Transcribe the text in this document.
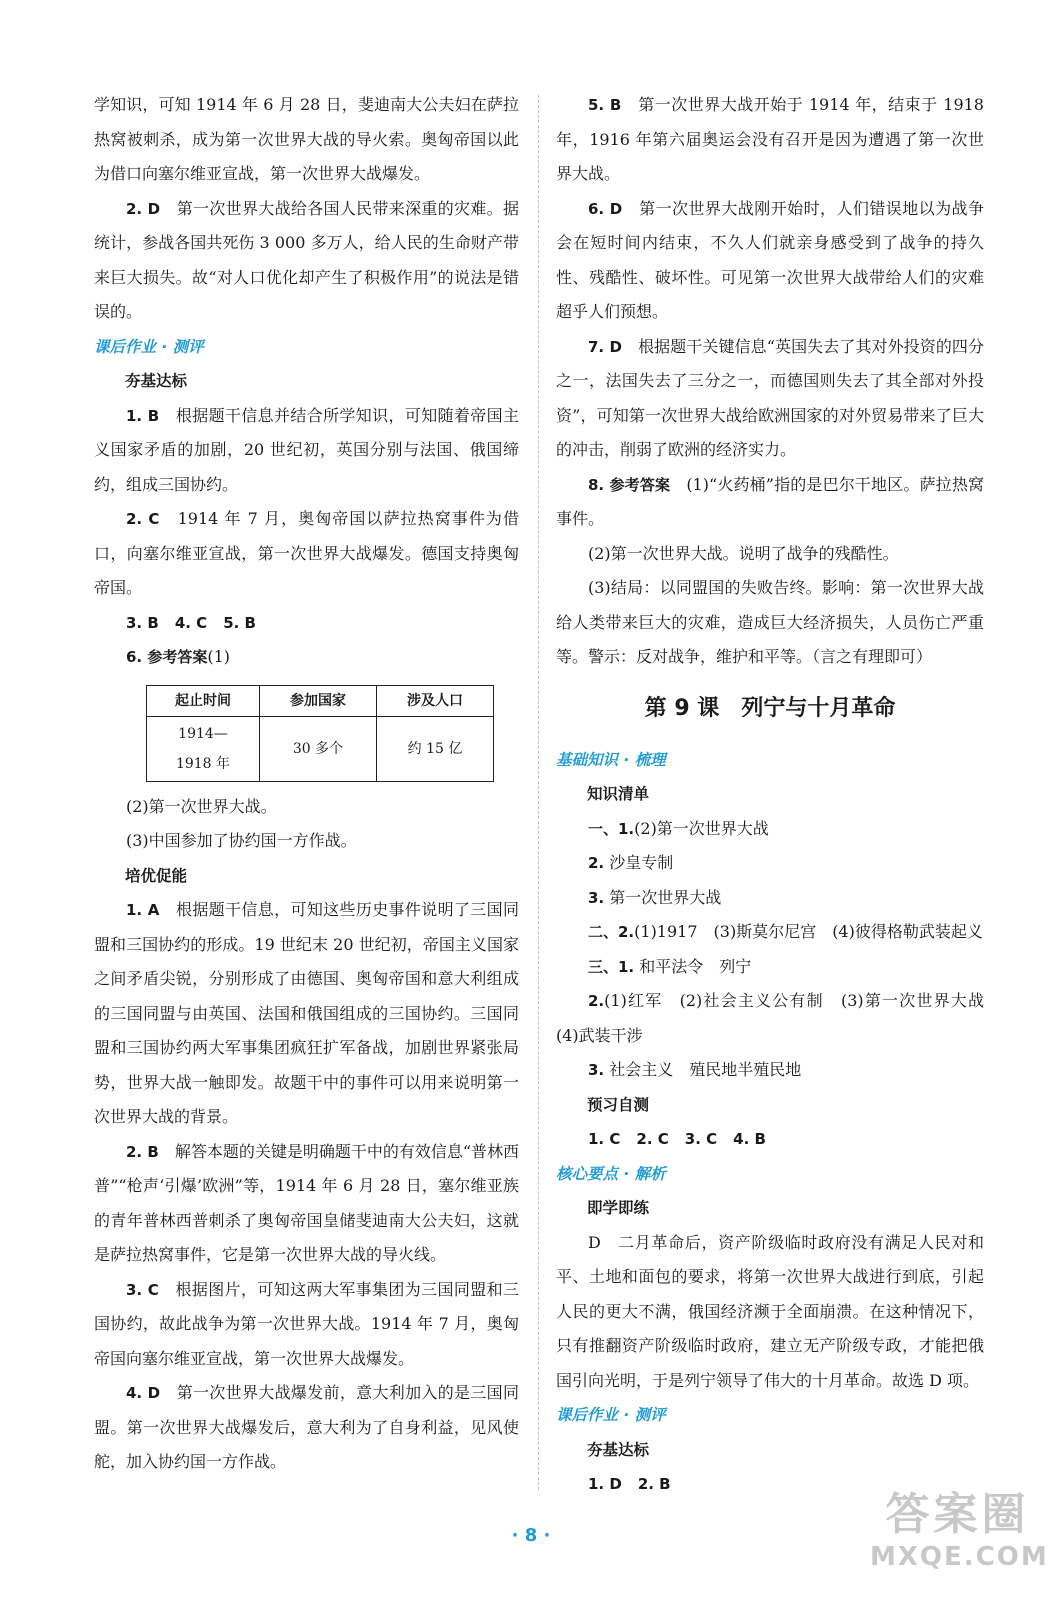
学知识，可知 1914 年 6 月 28 日，斐迪南大公夫妇在萨拉热窝被刺杀，成为第一次世界大战的导火索。奥匈帝国以此为借口向塞尔维亚宣战，第一次世界大战爆发。

2. D　 第一次世界大战给各国人民带来深重的灾难。据统计，参战各国共死伤 3 000 多万人，给人民的生命财产带来巨大损失。故“对人口优化却产生了积极作用”的说法是错误的。

课后作业 · 测评

夯基达标

1. B　 根据题干信息并结合所学知识，可知随着帝国主义国家矛盾的加剧，20 世纪初，英国分别与法国、俄国缔约，组成三国协约。

2. C　 1914 年 7 月，奥匈帝国以萨拉热窝事件为借口，向塞尔维亚宣战，第一次世界大战爆发。德国支持奥匈帝国。

3. B　 4. C　 5. B

6. 参考答案(1)

起止时间	参加国家	涉及人口

1914—
1918 年	30 多个	约 15 亿

(2)第一次世界大战。

(3)中国参加了协约国一方作战。

培优促能

1. A　 根据题干信息，可知这些历史事件说明了三国同盟和三国协约的形成。19 世纪末 20 世纪初，帝国主义国家之间矛盾尖锐，分别形成了由德国、奥匈帝国和意大利组成的三国同盟与由英国、法国和俄国组成的三国协约。三国同盟和三国协约两大军事集团疯狂扩军备战，加剧世界紧张局势，世界大战一触即发。故题干中的事件可以用来说明第一次世界大战的背景。

2. B　 解答本题的关键是明确题干中的有效信息“普林西普”“枪声‘引爆’欧洲”等，1914 年 6 月 28 日，塞尔维亚族的青年普林西普刺杀了奥匈帝国皇储斐迪南大公夫妇，这就是萨拉热窝事件，它是第一次世界大战的导火线。

3. C　 根据图片，可知这两大军事集团为三国同盟和三国协约，故此战争为第一次世界大战。1914 年 7 月，奥匈帝国向塞尔维亚宣战，第一次世界大战爆发。

4. D　 第一次世界大战爆发前，意大利加入的是三国同盟。第一次世界大战爆发后，意大利为了自身利益，见风使舵，加入协约国一方作战。

5. B　 第一次世界大战开始于 1914 年，结束于 1918 年，1916 年第六届奥运会没有召开是因为遭遇了第一次世界大战。

6. D　 第一次世界大战刚开始时，人们错误地以为战争会在短时间内结束，不久人们就亲身感受到了战争的持久性、残酷性、破坏性。可见第一次世界大战带给人们的灾难超乎人们预想。

7. D　 根据题干关键信息“英国失去了其对外投资的四分之一，法国失去了三分之一，而德国则失去了其全部对外投资”，可知第一次世界大战给欧洲国家的对外贸易带来了巨大的冲击，削弱了欧洲的经济实力。

8. 参考答案　 (1)“火药桶”指的是巴尔干地区。萨拉热窝事件。

(2)第一次世界大战。说明了战争的残酷性。

(3)结局：以同盟国的失败告终。影响：第一次世界大战给人类带来巨大的灾难，造成巨大经济损失，人员伤亡严重等。警示：反对战争，维护和平等。（言之有理即可）

第 9 课 列宁与十月革命

基础知识 · 梳理

知识清单

一、1.(2)第一次世界大战

2. 沙皇专制

3. 第一次世界大战

二、2.(1)1917　(3)斯莫尔尼宫　(4)彼得格勒武装起义

三、1. 和平法令　列宁

2.(1)红军　(2)社会主义公有制　(3)第一次世界大战　(4)武装干涉

3. 社会主义　殖民地半殖民地

预习自测

1. C　 2. C　 3. C　 4. B

核心要点 · 解析

即学即练

D　二月革命后，资产阶级临时政府没有满足人民对和平、土地和面包的要求，将第一次世界大战进行到底，引起人民的更大不满，俄国经济濒于全面崩溃。在这种情况下，只有推翻资产阶级临时政府，建立无产阶级专政，才能把俄国引向光明，于是列宁领导了伟大的十月革命。故选 D 项。

课后作业 · 测评

夯基达标

1. D　 2. B

· 8 ·	答案圈
MXQE.COM
